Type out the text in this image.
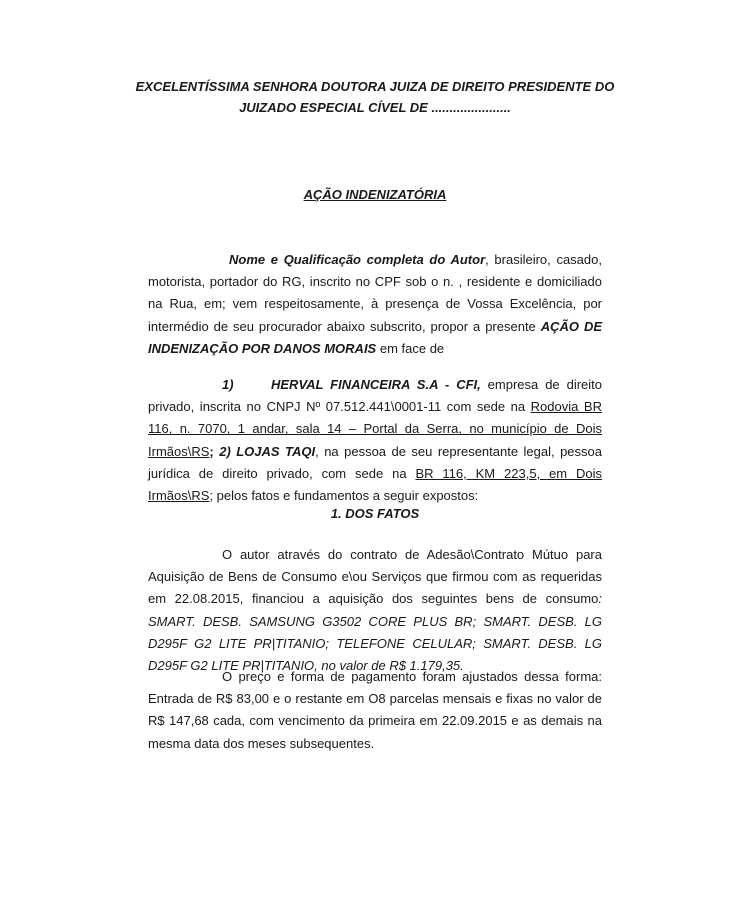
EXCELENTÍSSIMA SENHORA DOUTORA JUIZA DE DIREITO PRESIDENTE DO
JUIZADO ESPECIAL CÍVEL DE ......................
AÇÃO INDENIZATÓRIA

Nome e Qualificação completa do Autor, brasileiro, casado, motorista, portador do RG, inscrito no CPF sob o n. , residente e domiciliado na Rua, em; vem respeitosamente, à presença de Vossa Excelência, por intermédio de seu procurador abaixo subscrito, propor a presente AÇÃO DE INDENIZAÇÃO POR DANOS MORAIS em face de

1)	HERVAL FINANCEIRA S.A - CFI, empresa de direito privado, inscrita no CNPJ Nº 07.512.441\0001-11 com sede na Rodovia BR 116, n. 7070, 1 andar, sala 14 – Portal da Serra, no município de Dois Irmãos\RS; 2) LOJAS TAQI, na pessoa de seu representante legal, pessoa jurídica de direito privado, com sede na BR 116, KM 223,5, em Dois Irmãos\RS; pelos fatos e fundamentos a seguir expostos:

1. DOS FATOS

O autor através do contrato de Adesão\Contrato Mútuo para Aquisição de Bens de Consumo e\ou Serviços que firmou com as requeridas em 22.08.2015, financiou a aquisição dos seguintes bens de consumo: SMART. DESB. SAMSUNG G3502 CORE PLUS BR; SMART. DESB. LG D295F G2 LITE PR|TITANIO; TELEFONE CELULAR; SMART. DESB. LG D295F G2 LITE PR|TITANIO, no valor de R$ 1.179,35.

O preço e forma de pagamento foram ajustados dessa forma: Entrada de R$ 83,00 e o restante em O8 parcelas mensais e fixas no valor de R$ 147,68 cada, com vencimento da primeira em 22.09.2015 e as demais na mesma data dos meses subsequentes.
